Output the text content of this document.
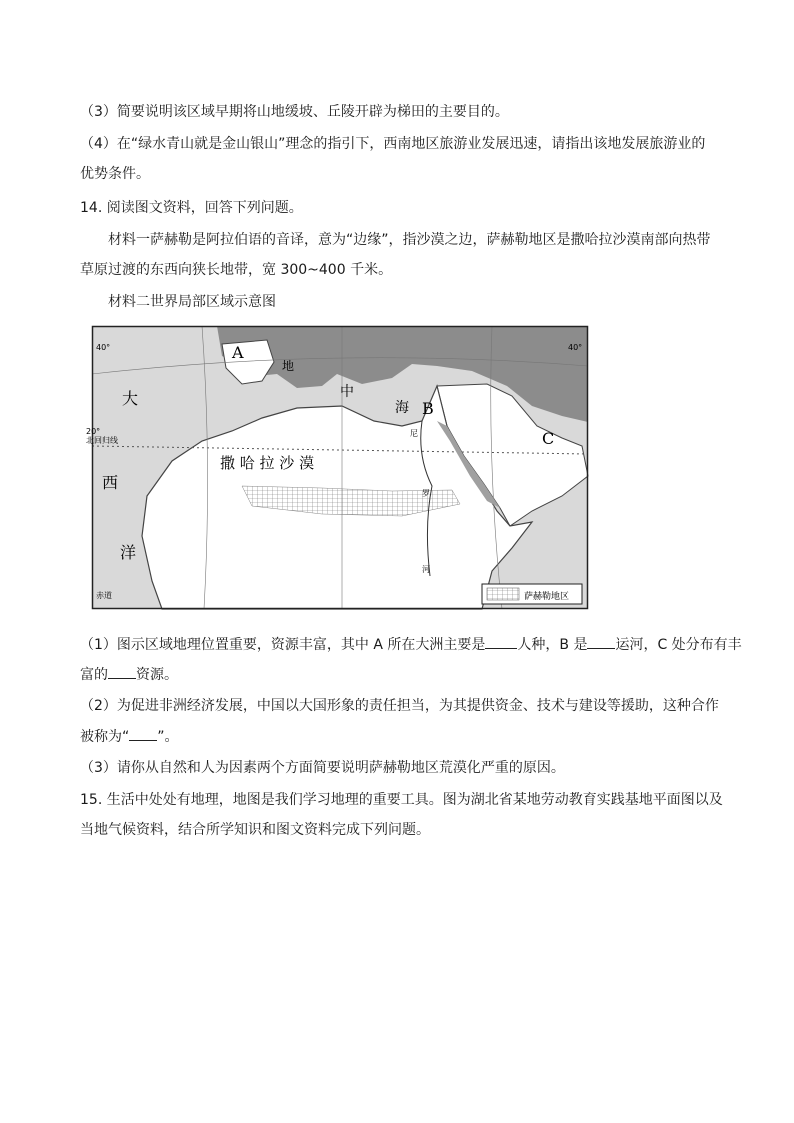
（3）简要说明该区域早期将山地缓坡、丘陵开辟为梯田的主要目的。
（4）在“绿水青山就是金山银山”理念的指引下，西南地区旅游业发展迅速，请指出该地发展旅游业的
优势条件。
14. 阅读图文资料，回答下列问题。
材料一萨赫勒是阿拉伯语的音译，意为“边缘”，指沙漠之边，萨赫勒地区是撒哈拉沙漠南部向热带
草原过渡的东西向狭长地带，宽 300~400 千米。
材料二世界局部区域示意图
A
B
C
地
中
海
大
西
洋
撒 哈 拉 沙 漠
北回归线
40°
20°
40°
赤道
尼
罗
河
萨赫勒地区
（1）图示区域地理位置重要，资源丰富，其中 A 所在大洲主要是 人种，B 是 运河，C 处分布有丰
富的 资源。
（2）为促进非洲经济发展，中国以大国形象的责任担当，为其提供资金、技术与建设等援助，这种合作
被称为“ ”。
（3）请你从自然和人为因素两个方面简要说明萨赫勒地区荒漠化严重的原因。
15. 生活中处处有地理，地图是我们学习地理的重要工具。图为湖北省某地劳动教育实践基地平面图以及
当地气候资料，结合所学知识和图文资料完成下列问题。
